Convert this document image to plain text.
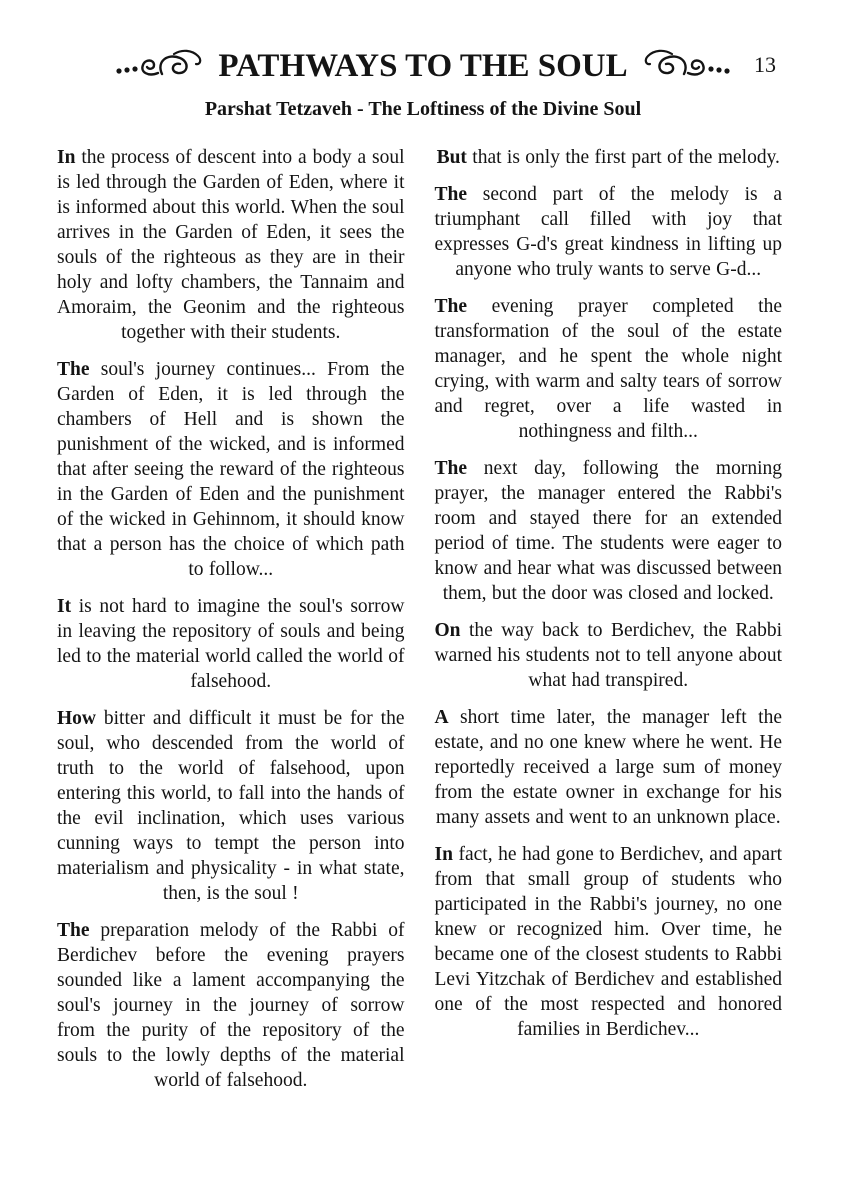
PATHWAYS TO THE SOUL	13
Parshat Tetzaveh - The Loftiness of the Divine Soul

In the process of descent into a body a soul is led through the Garden of Eden, where it is informed about this world. When the soul arrives in the Garden of Eden, it sees the souls of the righteous as they are in their holy and lofty chambers, the Tannaim and Amoraim, the Geonim and the righteous together with their students.

The soul's journey continues... From the Garden of Eden, it is led through the chambers of Hell and is shown the punishment of the wicked, and is informed that after seeing the reward of the righteous in the Garden of Eden and the punishment of the wicked in Gehinnom, it should know that a person has the choice of which path to follow...

It is not hard to imagine the soul's sorrow in leaving the repository of souls and being led to the material world called the world of falsehood.

How bitter and difficult it must be for the soul, who descended from the world of truth to the world of falsehood, upon entering this world, to fall into the hands of the evil inclination, which uses various cunning ways to tempt the person into materialism and physicality - in what state, then, is the soul !

The preparation melody of the Rabbi of Berdichev before the evening prayers sounded like a lament accompanying the soul's journey in the journey of sorrow from the purity of the repository of the souls to the lowly depths of the material world of falsehood.

But that is only the first part of the melody.

The second part of the melody is a triumphant call filled with joy that expresses G-d's great kindness in lifting up anyone who truly wants to serve G-d...

The evening prayer completed the transformation of the soul of the estate manager, and he spent the whole night crying, with warm and salty tears of sorrow and regret, over a life wasted in nothingness and filth...

The next day, following the morning prayer, the manager entered the Rabbi's room and stayed there for an extended period of time. The students were eager to know and hear what was discussed between them, but the door was closed and locked.

On the way back to Berdichev, the Rabbi warned his students not to tell anyone about what had transpired.

A short time later, the manager left the estate, and no one knew where he went. He reportedly received a large sum of money from the estate owner in exchange for his many assets and went to an unknown place.

In fact, he had gone to Berdichev, and apart from that small group of students who participated in the Rabbi's journey, no one knew or recognized him. Over time, he became one of the closest students to Rabbi Levi Yitzchak of Berdichev and established one of the most respected and honored families in Berdichev...
